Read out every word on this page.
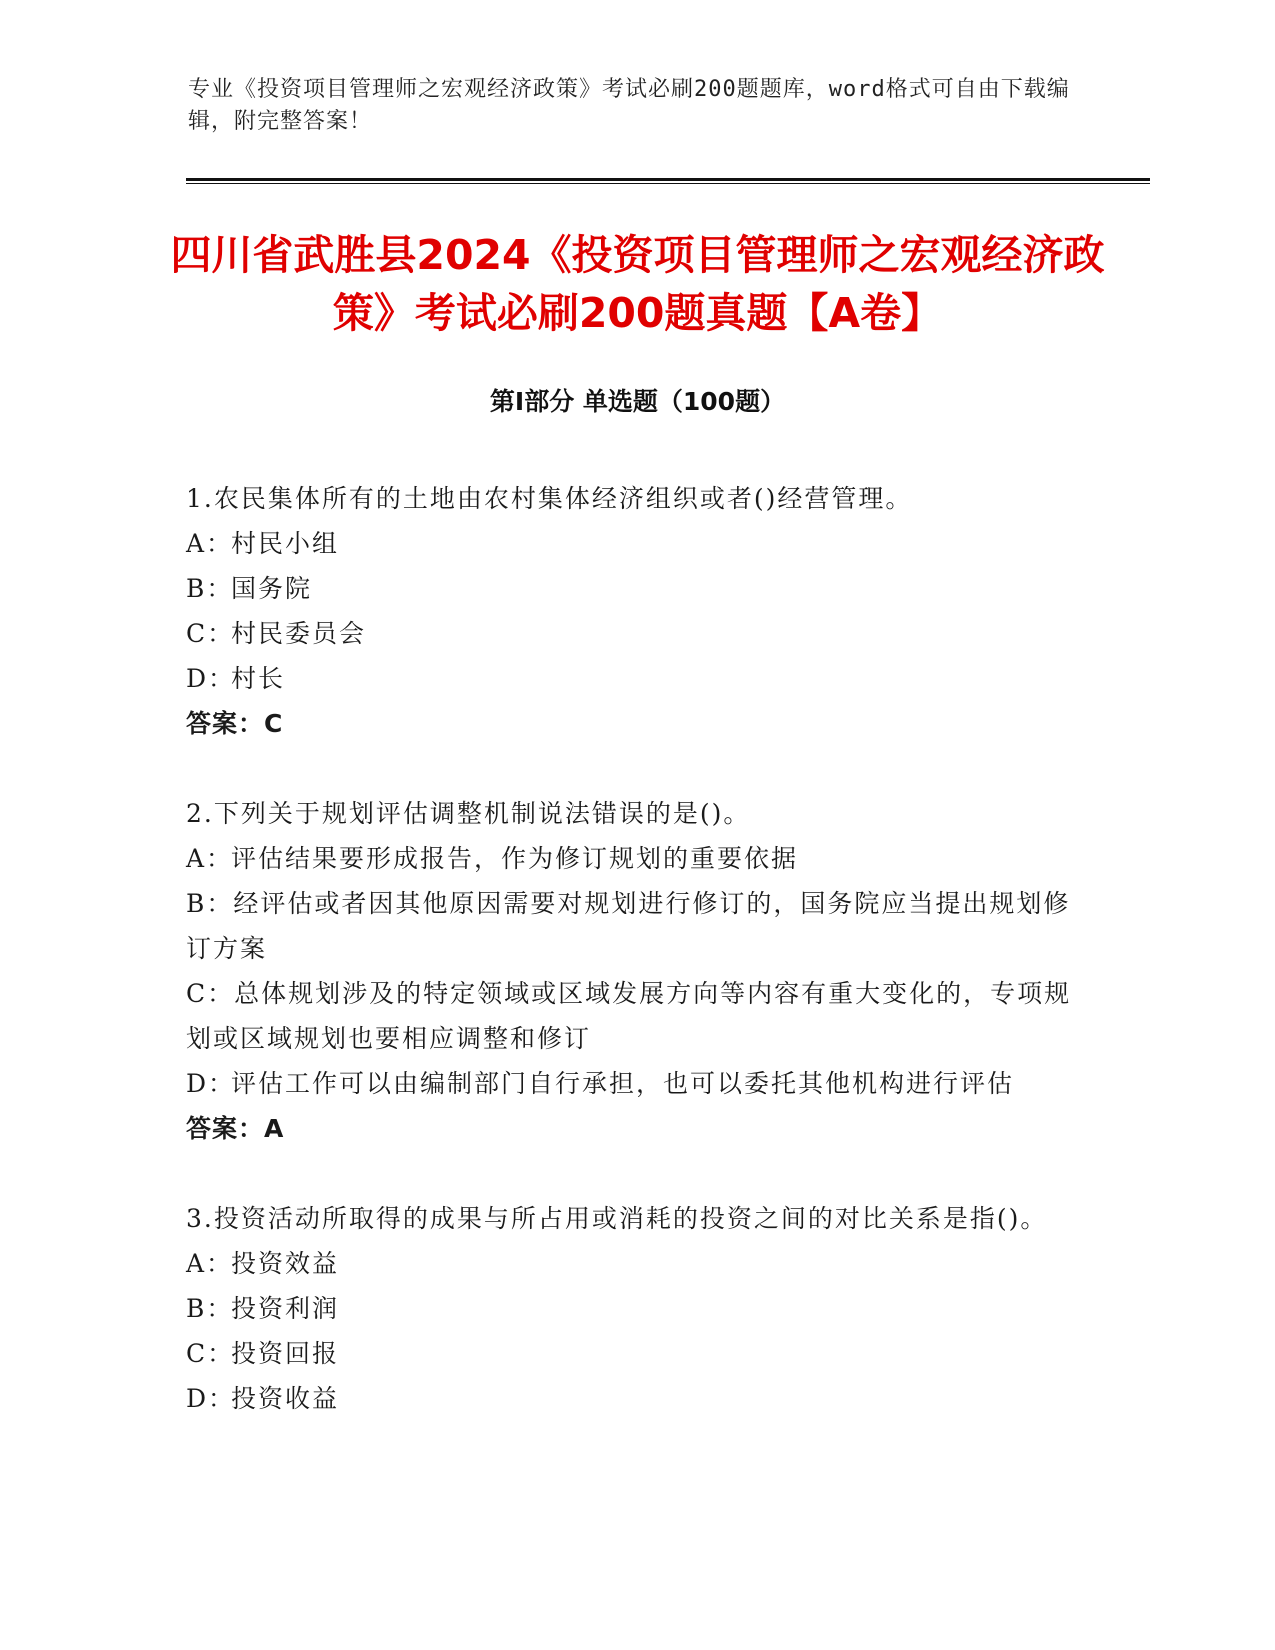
专业《投资项目管理师之宏观经济政策》考试必刷200题题库，word格式可自由下载编辑，附完整答案！
四川省武胜县2024《投资项目管理师之宏观经济政策》考试必刷200题真题【A卷】
第I部分 单选题（100题）

1.农民集体所有的土地由农村集体经济组织或者()经营管理。

A：村民小组

B：国务院

C：村民委员会

D：村长

答案：C

2.下列关于规划评估调整机制说法错误的是()。

A：评估结果要形成报告，作为修订规划的重要依据

B：经评估或者因其他原因需要对规划进行修订的，国务院应当提出规划修订方案

C：总体规划涉及的特定领域或区域发展方向等内容有重大变化的，专项规划或区域规划也要相应调整和修订

D：评估工作可以由编制部门自行承担，也可以委托其他机构进行评估

答案：A

3.投资活动所取得的成果与所占用或消耗的投资之间的对比关系是指()。

A：投资效益

B：投资利润

C：投资回报

D：投资收益
